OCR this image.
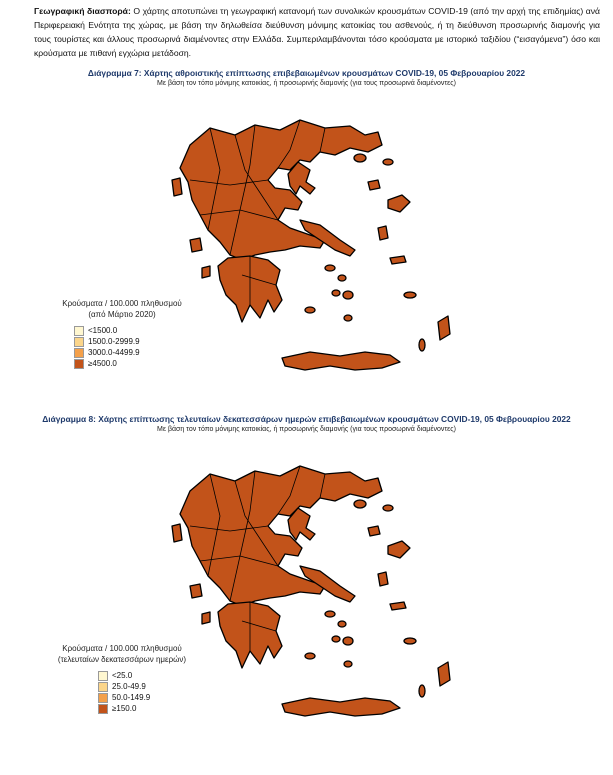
Γεωγραφική διασπορά: Ο χάρτης αποτυπώνει τη γεωγραφική κατανομή των συνολικών κρουσμάτων COVID-19 (από την αρχή της επιδημίας) ανά Περιφερειακή Ενότητα της χώρας, με βάση την δηλωθείσα διεύθυνση μόνιμης κατοικίας του ασθενούς, ή τη διεύθυνση προσωρινής διαμονής για τους τουρίστες και άλλους προσωρινά διαμένοντες στην Ελλάδα. Συμπεριλαμβάνονται τόσο κρούσματα με ιστορικό ταξιδίου (“εισαγόμενα”) όσο και κρούσματα με πιθανή εγχώρια μετάδοση.
Διάγραμμα 7: Χάρτης αθροιστικής επίπτωσης επιβεβαιωμένων κρουσμάτων COVID-19, 05 Φεβρουαρίου 2022
Με βάση τον τόπο μόνιμης κατοικίας, ή προσωρινής διαμονής (για τους προσωρινά διαμένοντες)
Κρούσματα / 100.000 πληθυσμού
(από Μάρτιο 2020)
<1500.0
1500.0-2999.9
3000.0-4499.9
≥4500.0
Διάγραμμα 8: Χάρτης επίπτωσης τελευταίων δεκατεσσάρων ημερών επιβεβαιωμένων κρουσμάτων COVID-19, 05 Φεβρουαρίου 2022
Με βάση τον τόπο μόνιμης κατοικίας, ή προσωρινής διαμονής (για τους προσωρινά διαμένοντες)
Κρούσματα / 100.000 πληθυσμού
(τελευταίων δεκατεσσάρων ημερών)
<25.0
25.0-49.9
50.0-149.9
≥150.0
